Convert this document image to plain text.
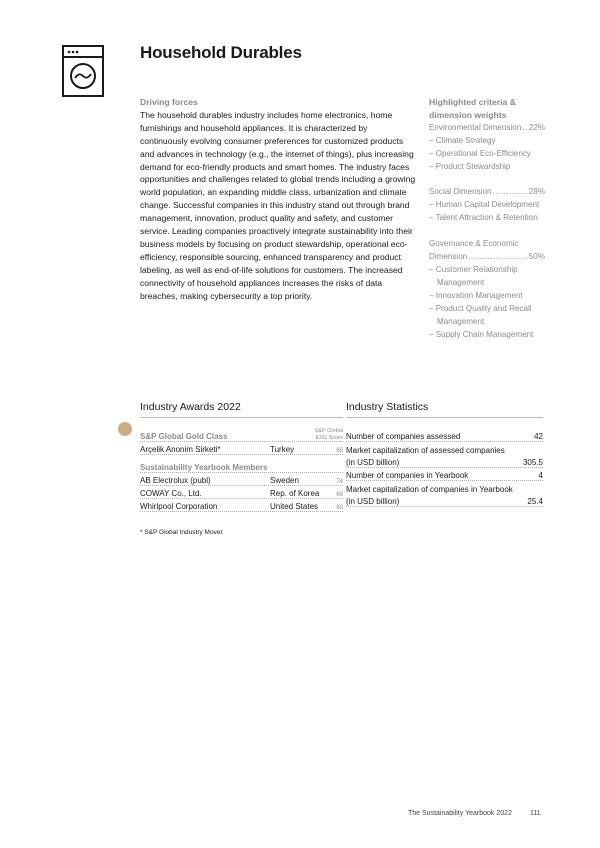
Household Durables
Driving forces

The household durables industry includes home electronics, home furnishings and household appliances. It is characterized by continuously evolving consumer preferences for customized products and advances in technology (e.g., the internet of things), plus increasing demand for eco-friendly products and smart homes. The industry faces opportunities and challenges related to global trends including a growing world population, an expanding middle class, urbanization and climate change. Successful companies in this industry stand out through brand management, innovation, product quality and safety, and customer service. Leading companies proactively integrate sustainability into their business models by focusing on product stewardship, operational eco-efficiency, responsible sourcing, enhanced transparency and product labeling, as well as end-of-life solutions for customers. The increased connectivity of household appliances increases the risks of data breaches, making cybersecurity a top priority.

Highlighted criteria & dimension weights
Environmental Dimension ..... 22%
– Climate Strategy
– Operational Eco-Efficiency
– Product Stewardship
Social Dimension .....	28%
– Human Capital Development
– Talent Attraction & Retention
Governance & Economic
Dimension .....	50%
– Customer Relationship Management
– Innovation Management
– Product Quality and Recall Management
– Supply Chain Management
Industry Awards 2022
S&P Global Gold Class
S&P Global
ESG Score
Arçelik Anonim Sirketi*	Turkey	65
Sustainability Yearbook Members
AB Electrolux (publ)	Sweden	74
COWAY Co., Ltd.	Rep. of Korea	69
Whirlpool Corporation	United States	60
Industry Statistics
Number of companies assessed	42
Market capitalization of assessed companies
(in USD billion)	305.5
Number of companies in Yearbook	4
Market capitalization of companies in Yearbook
(in USD billion)	25.4
* S&P Global Industry Mover
The Sustainability Yearbook 2022	111
